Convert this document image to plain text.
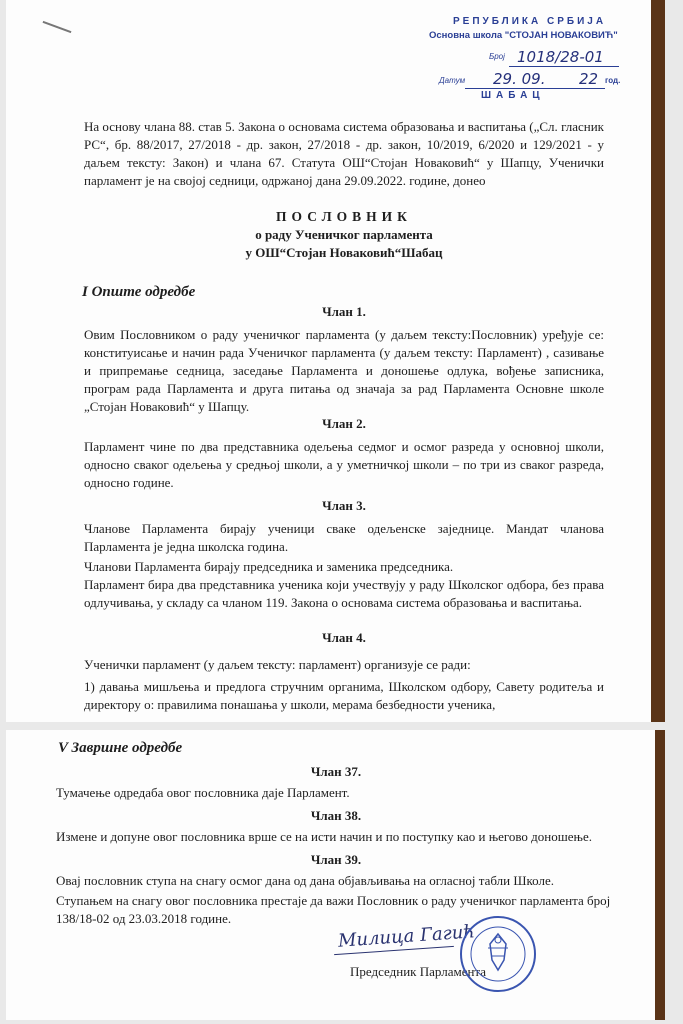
РЕПУБЛИКА СРБИЈА
Основна школа "СТОЈАН НОВАКОВИЋ"
Број 1018/28-01
Датум 29. 09. 22 год.
ШАБАЦ
На основу члана 88. став 5. Закона о основама система образовања и васпитања („Сл. гласник РС“, бр. 88/2017, 27/2018 - др. закон, 27/2018 - др. закон, 10/2019, 6/2020 и 129/2021 - у даљем тексту: Закон) и члана 67. Статута ОШ“Стојан Новаковић“ у Шапцу, Ученички парламент је на својој седници, одржаној дана 29.09.2022. године, донео
ПОСЛОВНИК
о раду Ученичког парламента
у ОШ“Стојан Новаковић“Шабац
I Опште одредбе
Члан 1.
Овим Пословником о раду ученичког парламента (у даљем тексту:Пословник) уређује се: конституисање и начин рада Ученичког парламента (у даљем тексту: Парламент) , сазивање и припремање седница, заседање Парламента и доношење одлука, вођење записника, програм рада Парламента и друга питања од значаја за рад Парламента Основне школе „Стојан Новаковић“ у Шапцу.
Члан 2.
Парламент чине по два представника одељења седмог и осмог разреда у основној школи, односно сваког одељења у средњој школи, а у уметничкој школи – по три из сваког разреда, односно године.
Члан 3.
Чланове Парламента бирају ученици сваке одељенске заједнице. Мандат чланова Парламента је једна школска година.
Чланови Парламента бирају председника и заменика председника.
Парламент бира два представника ученика који учествују у раду Школског одбора, без права одлучивања, у складу са чланом 119. Закона о основама система образовања и васпитања.
Члан 4.
Ученички парламент (у даљем тексту: парламент) организује се ради:
1) давања мишљења и предлога стручним органима, Школском одбору, Савету родитеља и директору о: правилима понашања у школи, мерама безбедности ученика,
V Завршне одредбе
Члан 37.
Тумачење одредаба овог пословника даје Парламент.
Члан 38.
Измене и допуне овог пословника врше се на исти начин и по поступку као и његово доношење.
Члан 39.
Овај пословник ступа на снагу осмог дана од дана објављивања на огласној табли Школе.
Ступањем на снагу овог пословника престаје да важи Пословник о раду ученичког парламента број 138/18-02 од 23.03.2018 године.
Милица Гагић
Председник Парламента
